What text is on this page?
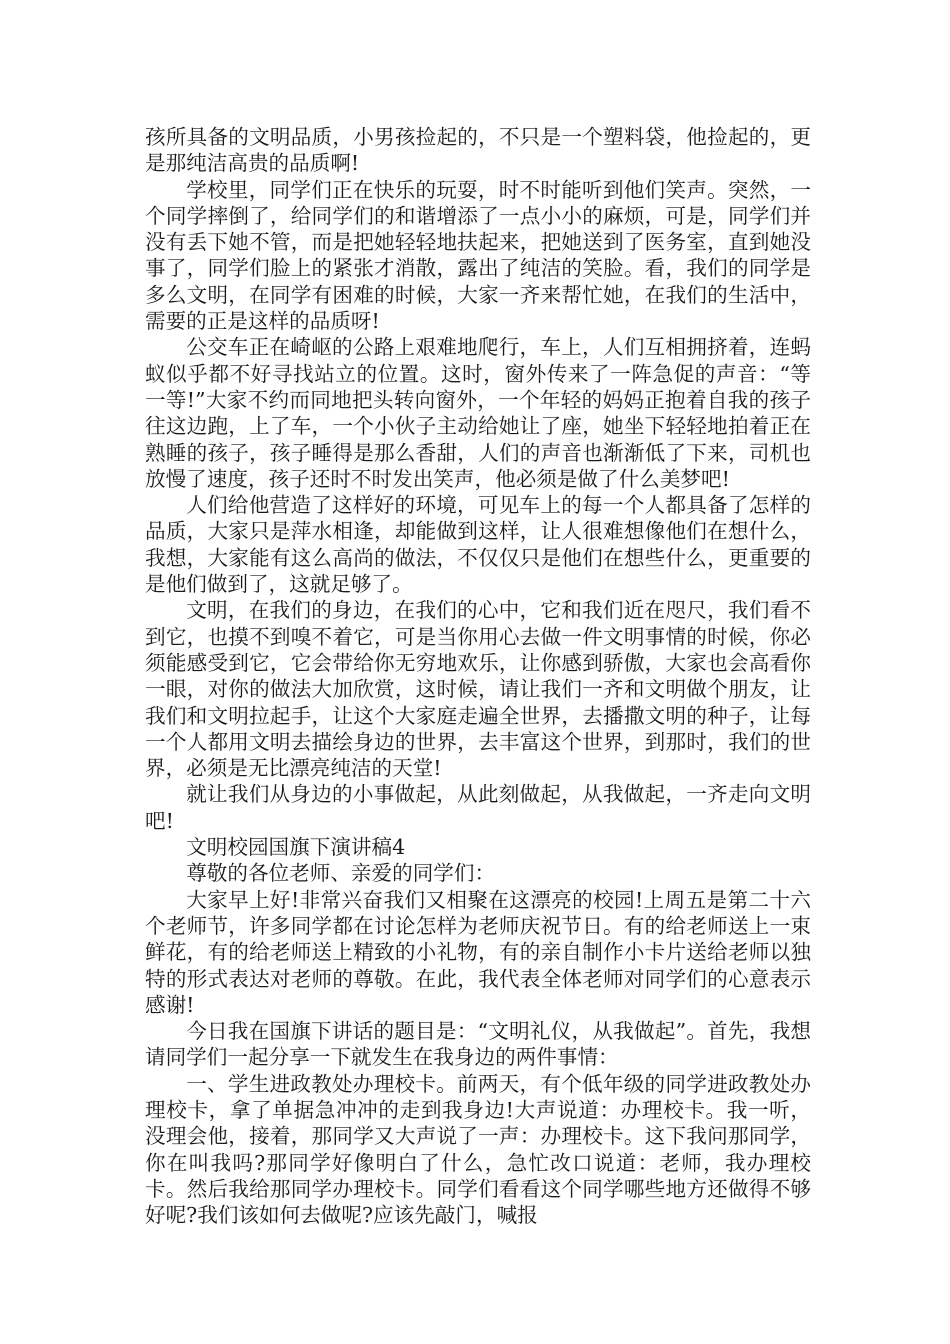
孩所具备的文明品质，小男孩捡起的，不只是一个塑料袋，他捡起的，更是那纯洁高贵的品质啊!

学校里，同学们正在快乐的玩耍，时不时能听到他们笑声。突然，一个同学摔倒了，给同学们的和谐增添了一点小小的麻烦，可是，同学们并没有丢下她不管，而是把她轻轻地扶起来，把她送到了医务室，直到她没事了，同学们脸上的紧张才消散，露出了纯洁的笑脸。看，我们的同学是多么文明，在同学有困难的时候，大家一齐来帮忙她，在我们的生活中，需要的正是这样的品质呀!

公交车正在崎岖的公路上艰难地爬行，车上，人们互相拥挤着，连蚂蚁似乎都不好寻找站立的位置。这时，窗外传来了一阵急促的声音：“等一等!”大家不约而同地把头转向窗外，一个年轻的妈妈正抱着自我的孩子往这边跑，上了车，一个小伙子主动给她让了座，她坐下轻轻地拍着正在熟睡的孩子，孩子睡得是那么香甜，人们的声音也渐渐低了下来，司机也放慢了速度，孩子还时不时发出笑声，他必须是做了什么美梦吧!

人们给他营造了这样好的环境，可见车上的每一个人都具备了怎样的品质，大家只是萍水相逢，却能做到这样，让人很难想像他们在想什么，我想，大家能有这么高尚的做法，不仅仅只是他们在想些什么，更重要的是他们做到了，这就足够了。

文明，在我们的身边，在我们的心中，它和我们近在咫尺，我们看不到它，也摸不到嗅不着它，可是当你用心去做一件文明事情的时候，你必须能感受到它，它会带给你无穷地欢乐，让你感到骄傲，大家也会高看你一眼，对你的做法大加欣赏，这时候，请让我们一齐和文明做个朋友，让我们和文明拉起手，让这个大家庭走遍全世界，去播撒文明的种子，让每一个人都用文明去描绘身边的世界，去丰富这个世界，到那时，我们的世界，必须是无比漂亮纯洁的天堂!

就让我们从身边的小事做起，从此刻做起，从我做起，一齐走向文明吧!

文明校园国旗下演讲稿4

尊敬的各位老师、亲爱的同学们：

大家早上好!非常兴奋我们又相聚在这漂亮的校园!上周五是第二十六个老师节，许多同学都在讨论怎样为老师庆祝节日。有的给老师送上一束鲜花，有的给老师送上精致的小礼物，有的亲自制作小卡片送给老师以独特的形式表达对老师的尊敬。在此，我代表全体老师对同学们的心意表示感谢!

今日我在国旗下讲话的题目是：“文明礼仪，从我做起”。首先，我想请同学们一起分享一下就发生在我身边的两件事情：

一、学生进政教处办理校卡。前两天，有个低年级的同学进政教处办理校卡，拿了单据急冲冲的走到我身边!大声说道：办理校卡。我一听，没理会他，接着，那同学又大声说了一声：办理校卡。这下我问那同学，你在叫我吗?那同学好像明白了什么，急忙改口说道：老师，我办理校卡。然后我给那同学办理校卡。同学们看看这个同学哪些地方还做得不够好呢?我们该如何去做呢?应该先敲门，喊报
